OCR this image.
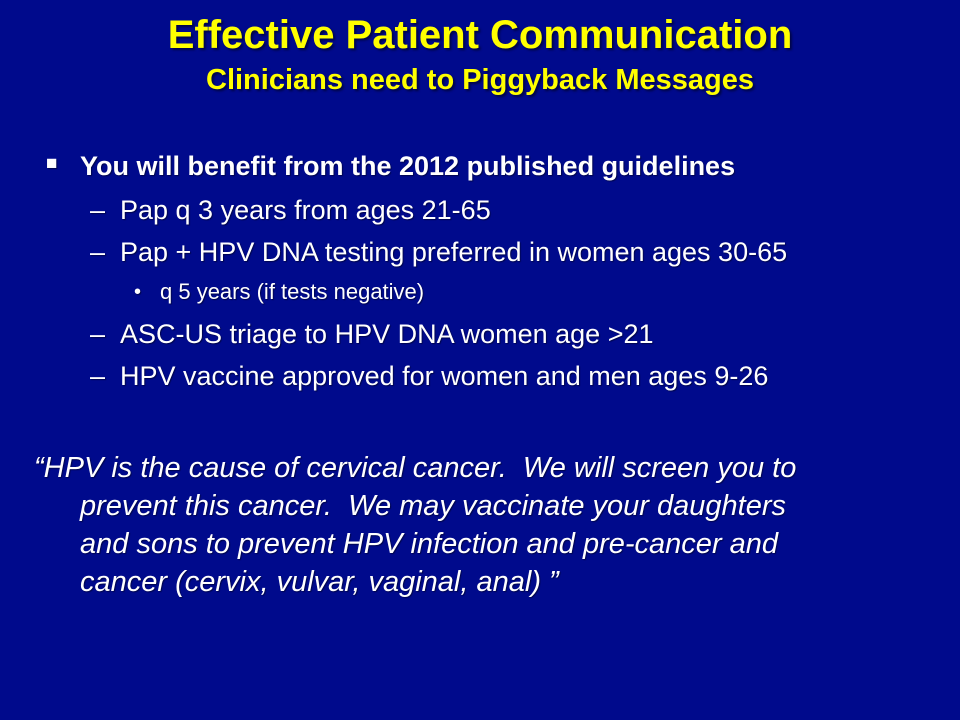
Effective Patient Communication
Clinicians need to Piggyback Messages
■ You will benefit from the 2012 published guidelines
– Pap q 3 years from ages 21-65
– Pap + HPV DNA testing preferred in women ages 30-65
• q 5 years (if tests negative)
– ASC-US triage to HPV DNA women age >21
– HPV vaccine approved for women and men ages 9-26
“HPV is the cause of cervical cancer.  We will screen you to
prevent this cancer.  We may vaccinate your daughters
and sons to prevent HPV infection and pre-cancer and
cancer (cervix, vulvar, vaginal, anal) ”
